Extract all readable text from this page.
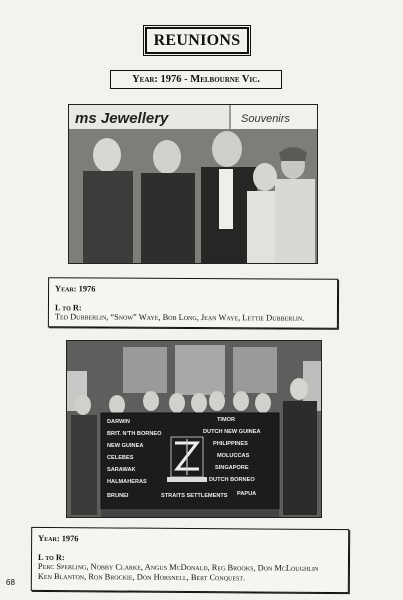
REUNIONS
Year: 1976 - Melbourne Vic.
ms Jewellery	Souvenirs
Year: 1976
L to R:
Ted Dubberlin, “Snow” Waye, Bob Long, Jean Waye, Lettie Dubberlin.
DARWIN
BRIT. N'TH BORNEO
NEW GUINEA
CELEBES
SARAWAK
HALMAHERAS
BRUNEI
TIMOR
DUTCH NEW GUINEA
PHILIPPINES
MOLUCCAS
SINGAPORE
DUTCH BORNEO
PAPUA
STRAITS SETTLEMENTS
Year: 1976
L to R:
Perc Sperling, Nobby Clarke, Angus McDonald, Reg Brooks, Don McLoughlin
Ken Blanton, Ron Brockie, Don Horsnell, Bert Conquest.
68
